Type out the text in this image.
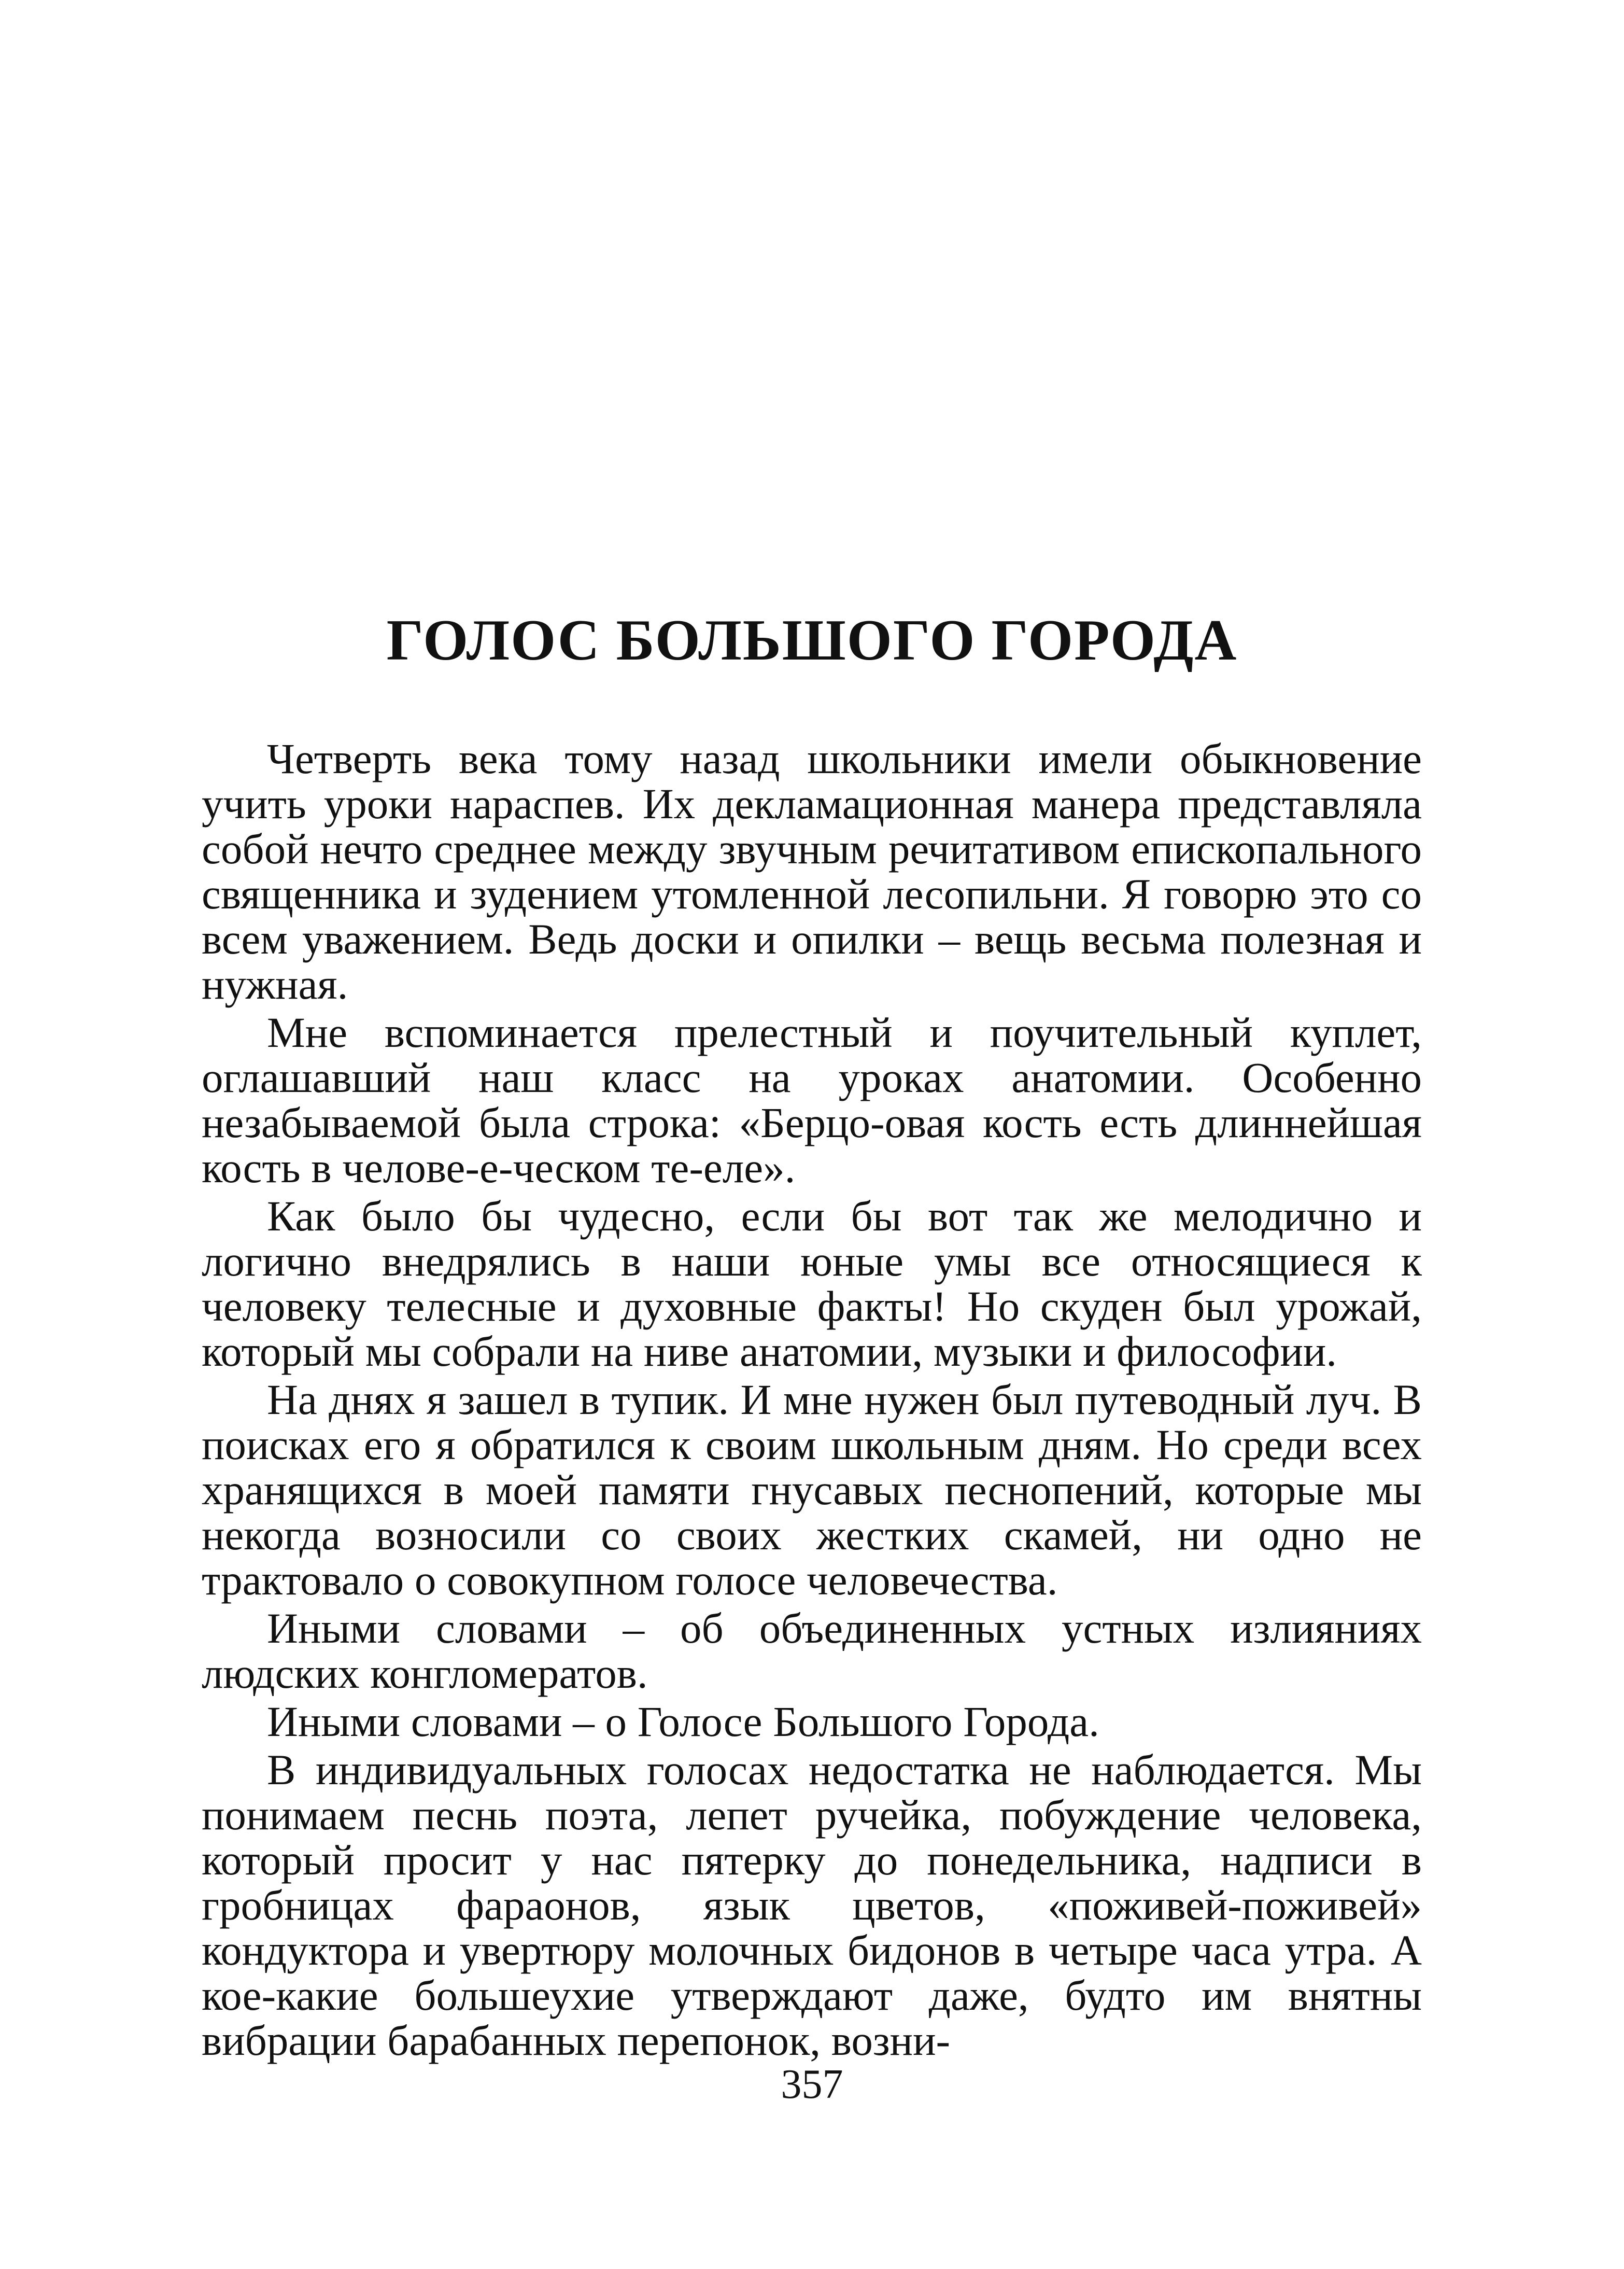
ГОЛОС БОЛЬШОГО ГОРОДА

Четверть века тому назад школьники имели обыкновение учить уроки нараспев. Их декламационная манера представляла собой нечто среднее между звучным речитативом епископального священника и зудением утомленной лесопильни. Я говорю это со всем уважением. Ведь доски и опилки – вещь весьма полезная и нужная.

Мне вспоминается прелестный и поучительный куплет, оглашавший наш класс на уроках анатомии. Особенно незабываемой была строка: «Берцо-овая кость есть длиннейшая кость в челове-е-ческом те-еле».

Как было бы чудесно, если бы вот так же мелодично и логично внедрялись в наши юные умы все относящиеся к человеку телесные и духовные факты! Но скуден был урожай, который мы собрали на ниве анатомии, музыки и философии.

На днях я зашел в тупик. И мне нужен был путеводный луч. В поисках его я обратился к своим школьным дням. Но среди всех хранящихся в моей памяти гнусавых песнопений, которые мы некогда возносили со своих жестких скамей, ни одно не трактовало о совокупном голосе человечества.

Иными словами – об объединенных устных излияниях людских конгломератов.

Иными словами – о Голосе Большого Города.

В индивидуальных голосах недостатка не наблюдается. Мы понимаем песнь поэта, лепет ручейка, побуждение человека, который просит у нас пятерку до понедельника, надписи в гробницах фараонов, язык цветов, «поживей-поживей» кондуктора и увертюру молочных бидонов в четыре часа утра. А кое-какие большеухие утверждают даже, будто им внятны вибрации барабанных перепонок, возни-

357
